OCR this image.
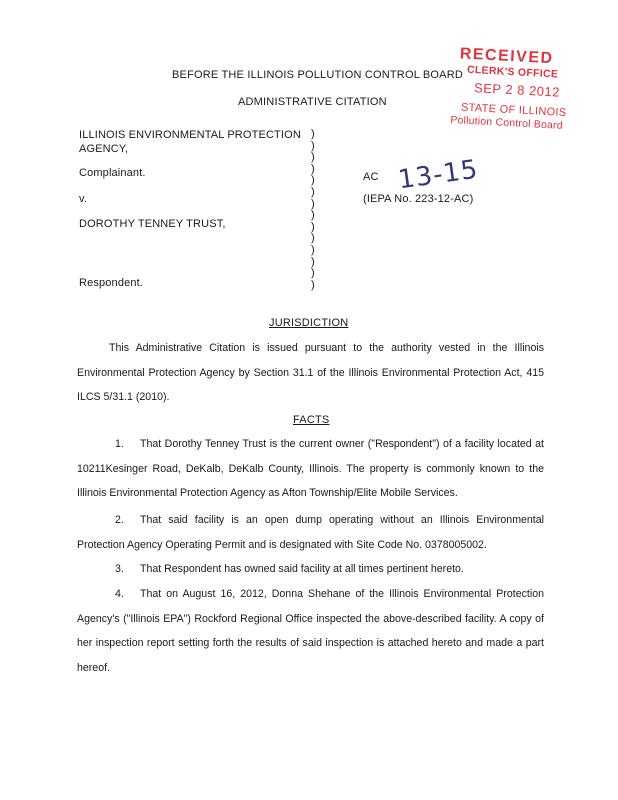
BEFORE THE ILLINOIS POLLUTION CONTROL BOARD
ADMINISTRATIVE CITATION
RECEIVED
CLERK'S OFFICE
SEP 2 8 2012
STATE OF ILLINOIS
Pollution Control Board
ILLINOIS ENVIRONMENTAL PROTECTION
AGENCY,
Complainant.
v.
DOROTHY TENNEY TRUST,
Respondent.
)
)
)
)
)
)
)
)
)
)
)
)
)
)
AC 13-15
(IEPA No. 223-12-AC)
JURISDICTION
This Administrative Citation is issued pursuant to the authority vested in the Illinois Environmental Protection Agency by Section 31.1 of the Illinois Environmental Protection Act, 415 ILCS 5/31.1 (2010).
FACTS
1. That Dorothy Tenney Trust is the current owner ("Respondent") of a facility located at 10211Kesinger Road, DeKalb, DeKalb County, Illinois. The property is commonly known to the Illinois Environmental Protection Agency as Afton Township/Elite Mobile Services.
2. That said facility is an open dump operating without an Illinois Environmental Protection Agency Operating Permit and is designated with Site Code No. 0378005002.
3. That Respondent has owned said facility at all times pertinent hereto.
4. That on August 16, 2012, Donna Shehane of the Illinois Environmental Protection Agency's ("Illinois EPA") Rockford Regional Office inspected the above-described facility. A copy of her inspection report setting forth the results of said inspection is attached hereto and made a part hereof.
